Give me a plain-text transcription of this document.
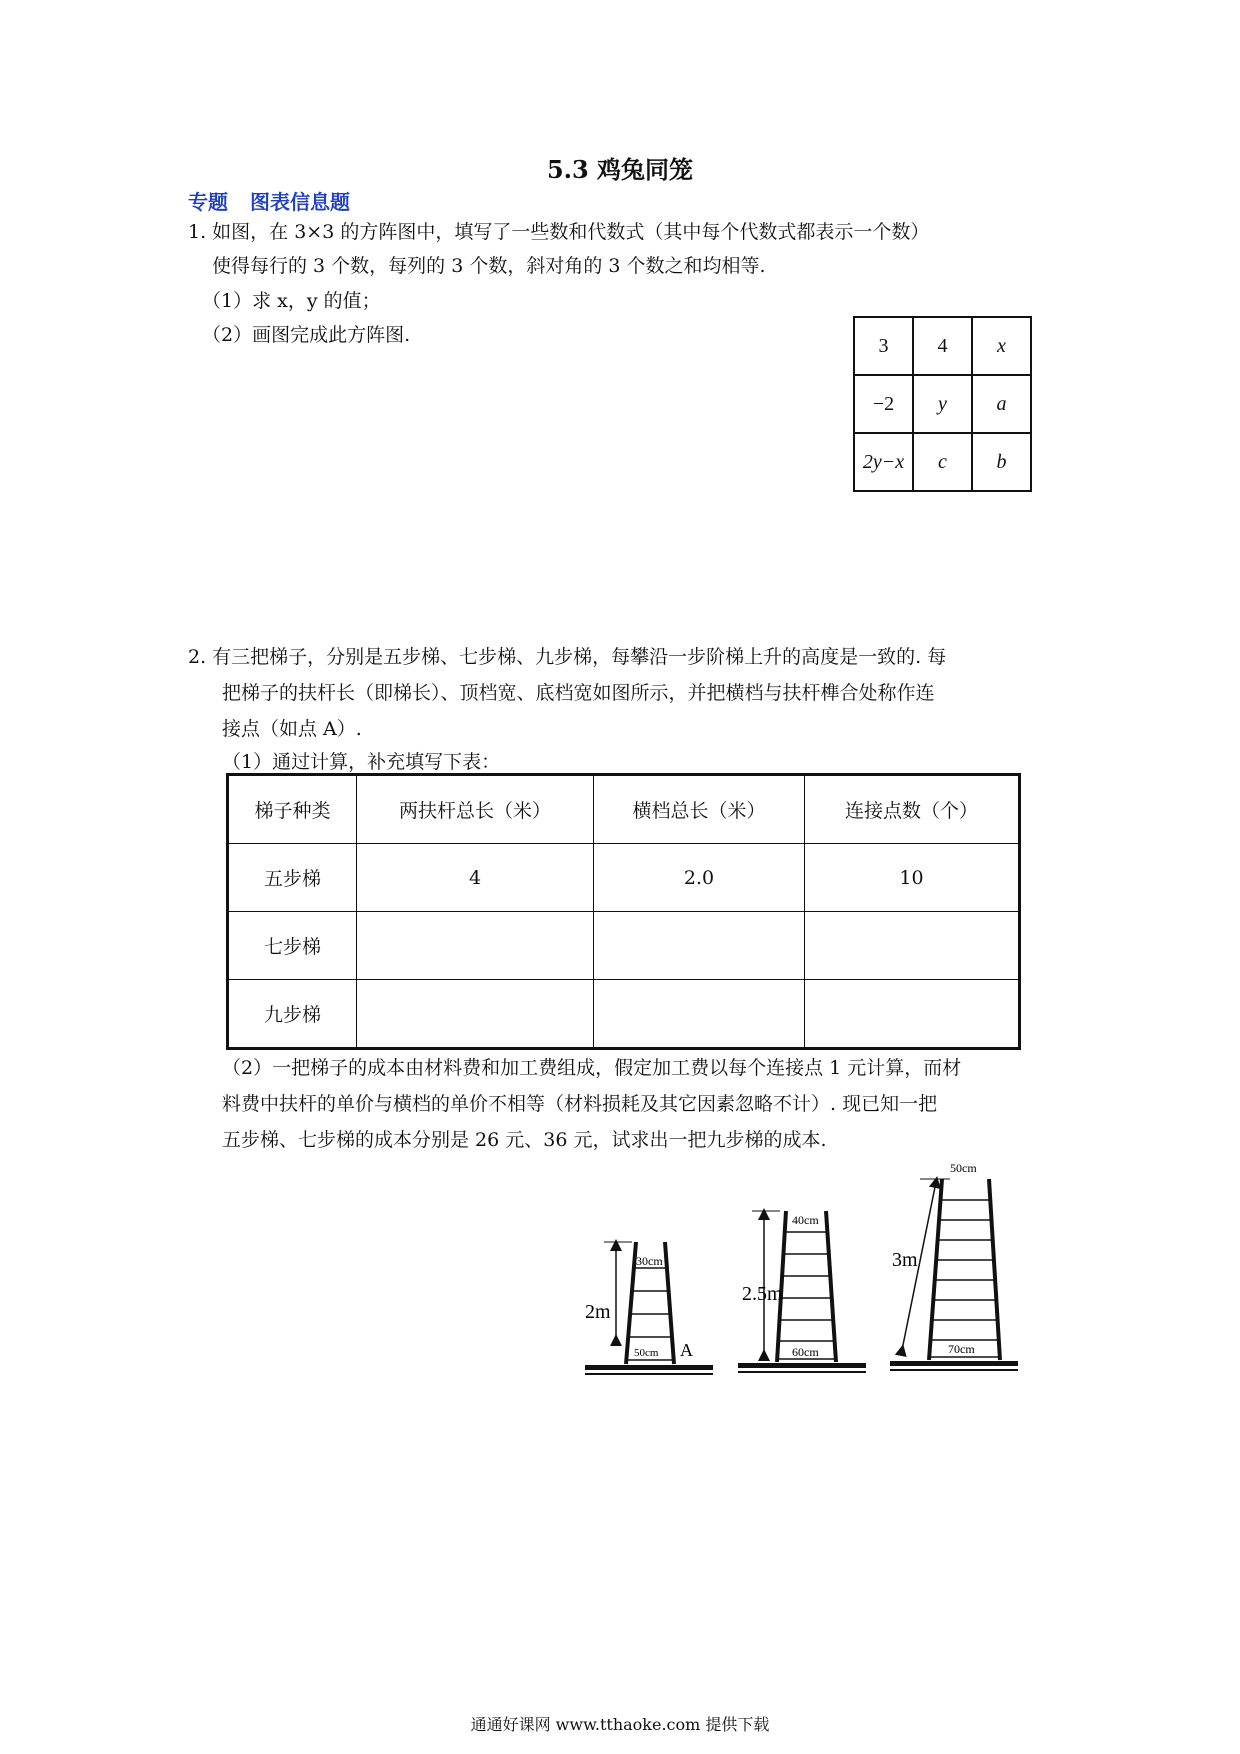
5.3 鸡兔同笼
专题 图表信息题
1. 如图，在 3×3 的方阵图中，填写了一些数和代数式（其中每个代数式都表示一个数）
使得每行的 3 个数，每列的 3 个数，斜对角的 3 个数之和均相等.
（1）求 x，y 的值；
（2）画图完成此方阵图.	3	4	x
−2	y	a
2y−x	c	b
2. 有三把梯子，分别是五步梯、七步梯、九步梯，每攀沿一步阶梯上升的高度是一致的. 每
把梯子的扶杆长（即梯长）、顶档宽、底档宽如图所示，并把横档与扶杆榫合处称作连
接点（如点 A）.
（1）通过计算，补充填写下表：
梯子种类	两扶杆总长（米）	横档总长（米）	连接点数（个）
五步梯	4	2.0	10
七步梯			
九步梯			
（2）一把梯子的成本由材料费和加工费组成，假定加工费以每个连接点 1 元计算，而材
料费中扶杆的单价与横档的单价不相等（材料损耗及其它因素忽略不计）. 现已知一把
五步梯、七步梯的成本分别是 26 元、36 元，试求出一把九步梯的成本.
2m
30cm
50cm A
2.5m
40cm
60cm
3m
50cm
70cm
通通好课网 www.tthaoke.com 提供下载
